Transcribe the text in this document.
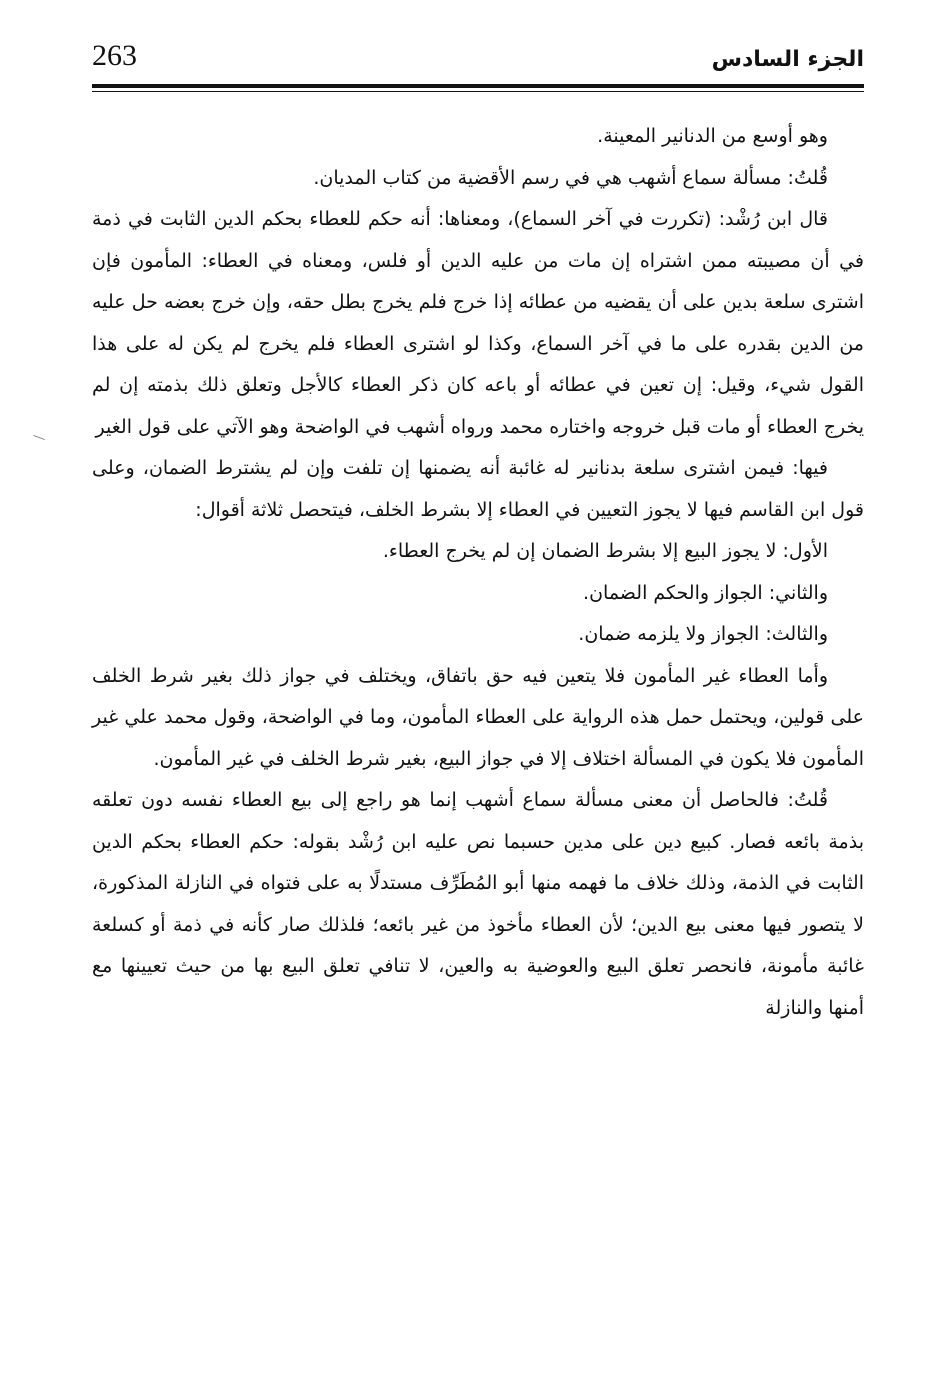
263	الجزء السادس

وهو أوسع من الدنانير المعينة.

قُلتُ: مسألة سماع أشهب هي في رسم الأقضية من كتاب المديان.

قال ابن رُشْد: (تكررت في آخر السماع)، ومعناها: أنه حكم للعطاء بحكم الدين الثابت في ذمة في أن مصيبته ممن اشتراه إن مات من عليه الدين أو فلس، ومعناه في العطاء: المأمون فإن اشترى سلعة بدين على أن يقضيه من عطائه إذا خرج فلم يخرج بطل حقه، وإن خرج بعضه حل عليه من الدين بقدره على ما في آخر السماع، وكذا لو اشترى العطاء فلم يخرج لم يكن له على هذا القول شيء، وقيل: إن تعين في عطائه أو باعه كان ذكر العطاء كالأجل وتعلق ذلك بذمته إن لم يخرج العطاء أو مات قبل خروجه واختاره محمد ورواه أشهب في الواضحة وهو الآتي على قول الغير

فيها: فيمن اشترى سلعة بدنانير له غائبة أنه يضمنها إن تلفت وإن لم يشترط الضمان، وعلى قول ابن القاسم فيها لا يجوز التعيين في العطاء إلا بشرط الخلف، فيتحصل ثلاثة أقوال:

الأول: لا يجوز البيع إلا بشرط الضمان إن لم يخرج العطاء.

والثاني: الجواز والحكم الضمان.

والثالث: الجواز ولا يلزمه ضمان.

وأما العطاء غير المأمون فلا يتعين فيه حق باتفاق، ويختلف في جواز ذلك بغير شرط الخلف على قولين، ويحتمل حمل هذه الرواية على العطاء المأمون، وما في الواضحة، وقول محمد علي غير المأمون فلا يكون في المسألة اختلاف إلا في جواز البيع، بغير شرط الخلف في غير المأمون.

قُلتُ: فالحاصل أن معنى مسألة سماع أشهب إنما هو راجع إلى بيع العطاء نفسه دون تعلقه بذمة بائعه فصار. كبيع دين على مدين حسبما نص عليه ابن رُشْد بقوله: حكم العطاء بحكم الدين الثابت في الذمة، وذلك خلاف ما فهمه منها أبو المُطَرِّف مستدلًا به على فتواه في النازلة المذكورة، لا يتصور فيها معنى بيع الدين؛ لأن العطاء مأخوذ من غير بائعه؛ فلذلك صار كأنه في ذمة أو كسلعة غائبة مأمونة، فانحصر تعلق البيع والعوضية به والعين، لا تنافي تعلق البيع بها من حيث تعيينها مع أمنها والنازلة
